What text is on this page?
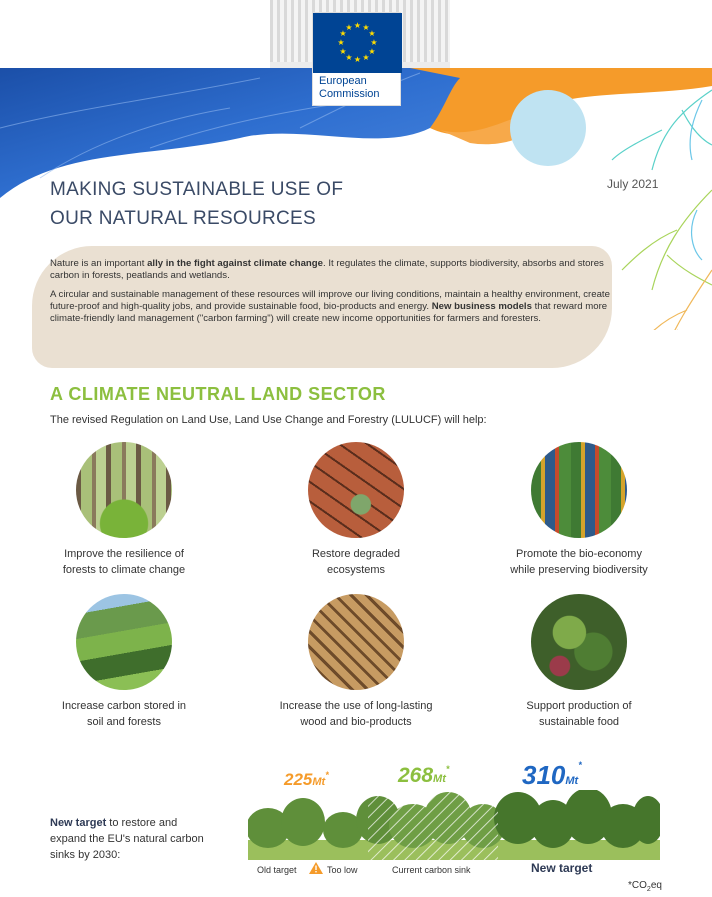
★ ★
★
★
★
★
★
★
★
★
★
★
European
Commission
MAKING SUSTAINABLE USE OF
OUR NATURAL RESOURCES
July 2021

Nature is an important ally in the fight against climate change. It regulates the climate, supports biodiversity, absorbs and stores carbon in forests, peatlands and wetlands.

A circular and sustainable management of these resources will improve our living conditions, maintain a healthy environment, create future-proof and high-quality jobs, and provide sustainable food, bio-products and energy. New business models that reward more climate-friendly land management ("carbon farming") will create new income opportunities for farmers and foresters.

A CLIMATE NEUTRAL LAND SECTOR
The revised Regulation on Land Use, Land Use Change and Forestry (LULUCF) will help:
Improve the resilience of
forests to climate change
Restore degraded
ecosystems
Promote the bio-economy
while preserving biodiversity
Increase carbon stored in
soil and forests
Increase the use of long-lasting
wood and bio-products
Support production of
sustainable food
New target to restore and expand the EU's natural carbon sinks by 2030:
225Mt*	268Mt*	310Mt*
Old target	Too low	Current carbon sink	New target
$*CO_2eq$
